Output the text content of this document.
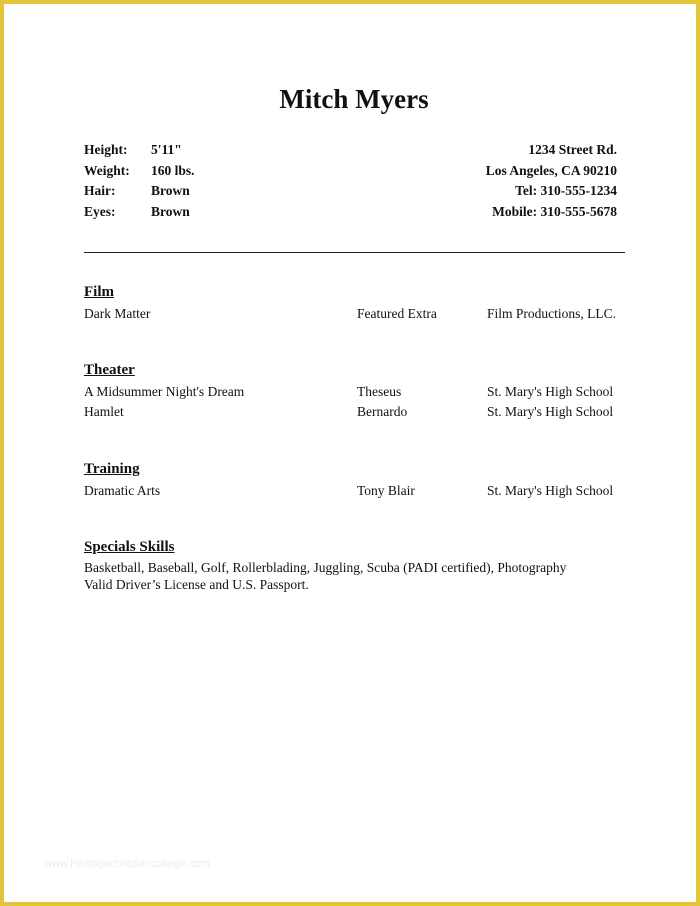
Mitch Myers
Height:	5'11"
Weight:	160 lbs.
Hair:	Brown
Eyes:	Brown
1234 Street Rd.
Los Angeles, CA 90210
Tel: 310-555-1234
Mobile: 310-555-5678
Film
Dark Matter	Featured Extra	Film Productions, LLC.
Theater
A Midsummer Night's Dream	Theseus	St. Mary's High School
Hamlet	Bernardo	St. Mary's High School
Training
Dramatic Arts	Tony Blair	St. Mary's High School
Specials Skills
Basketball, Baseball, Golf, Rollerblading, Juggling, Scuba (PADI certified), Photography
Valid Driver’s License and U.S. Passport.
www.heritagechristiancollege.com
